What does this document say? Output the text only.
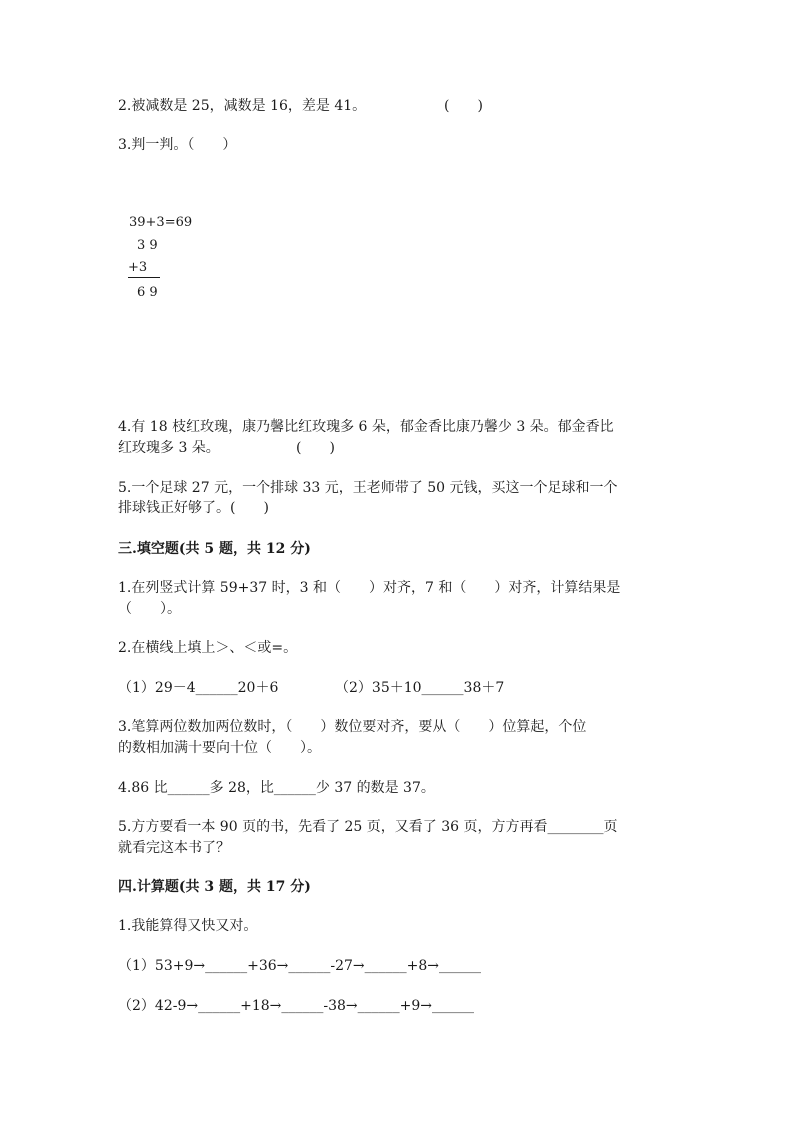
2.被减数是 25，减数是 16，差是 41。	(　　)
3.判一判。（　　）
39+3=69
3 9
+3
6 9
4.有 18 枝红玫瑰，康乃馨比红玫瑰多 6 朵，郁金香比康乃馨少 3 朵。郁金香比
红玫瑰多 3 朵。	(　　)
5.一个足球 27 元，一个排球 33 元，王老师带了 50 元钱，买这一个足球和一个
排球钱正好够了。(　　)
三.填空题(共 5 题，共 12 分)
1.在列竖式计算 59+37 时，3 和（　　）对齐，7 和（　　）对齐，计算结果是
（　　）。
2.在横线上填上＞、＜或=。
（1）29－4______20＋6	（2）35＋10______38＋7
3.笔算两位数加两位数时，（　　）数位要对齐，要从（　　）位算起，个位
的数相加满十要向十位（　　）。
4.86 比______多 28，比______少 37 的数是 37。
5.方方要看一本 90 页的书，先看了 25 页，又看了 36 页，方方再看________页
就看完这本书了？
四.计算题(共 3 题，共 17 分)
1.我能算得又快又对。
（1）53+9→______+36→______-27→______+8→______
（2）42-9→______+18→______-38→______+9→______
